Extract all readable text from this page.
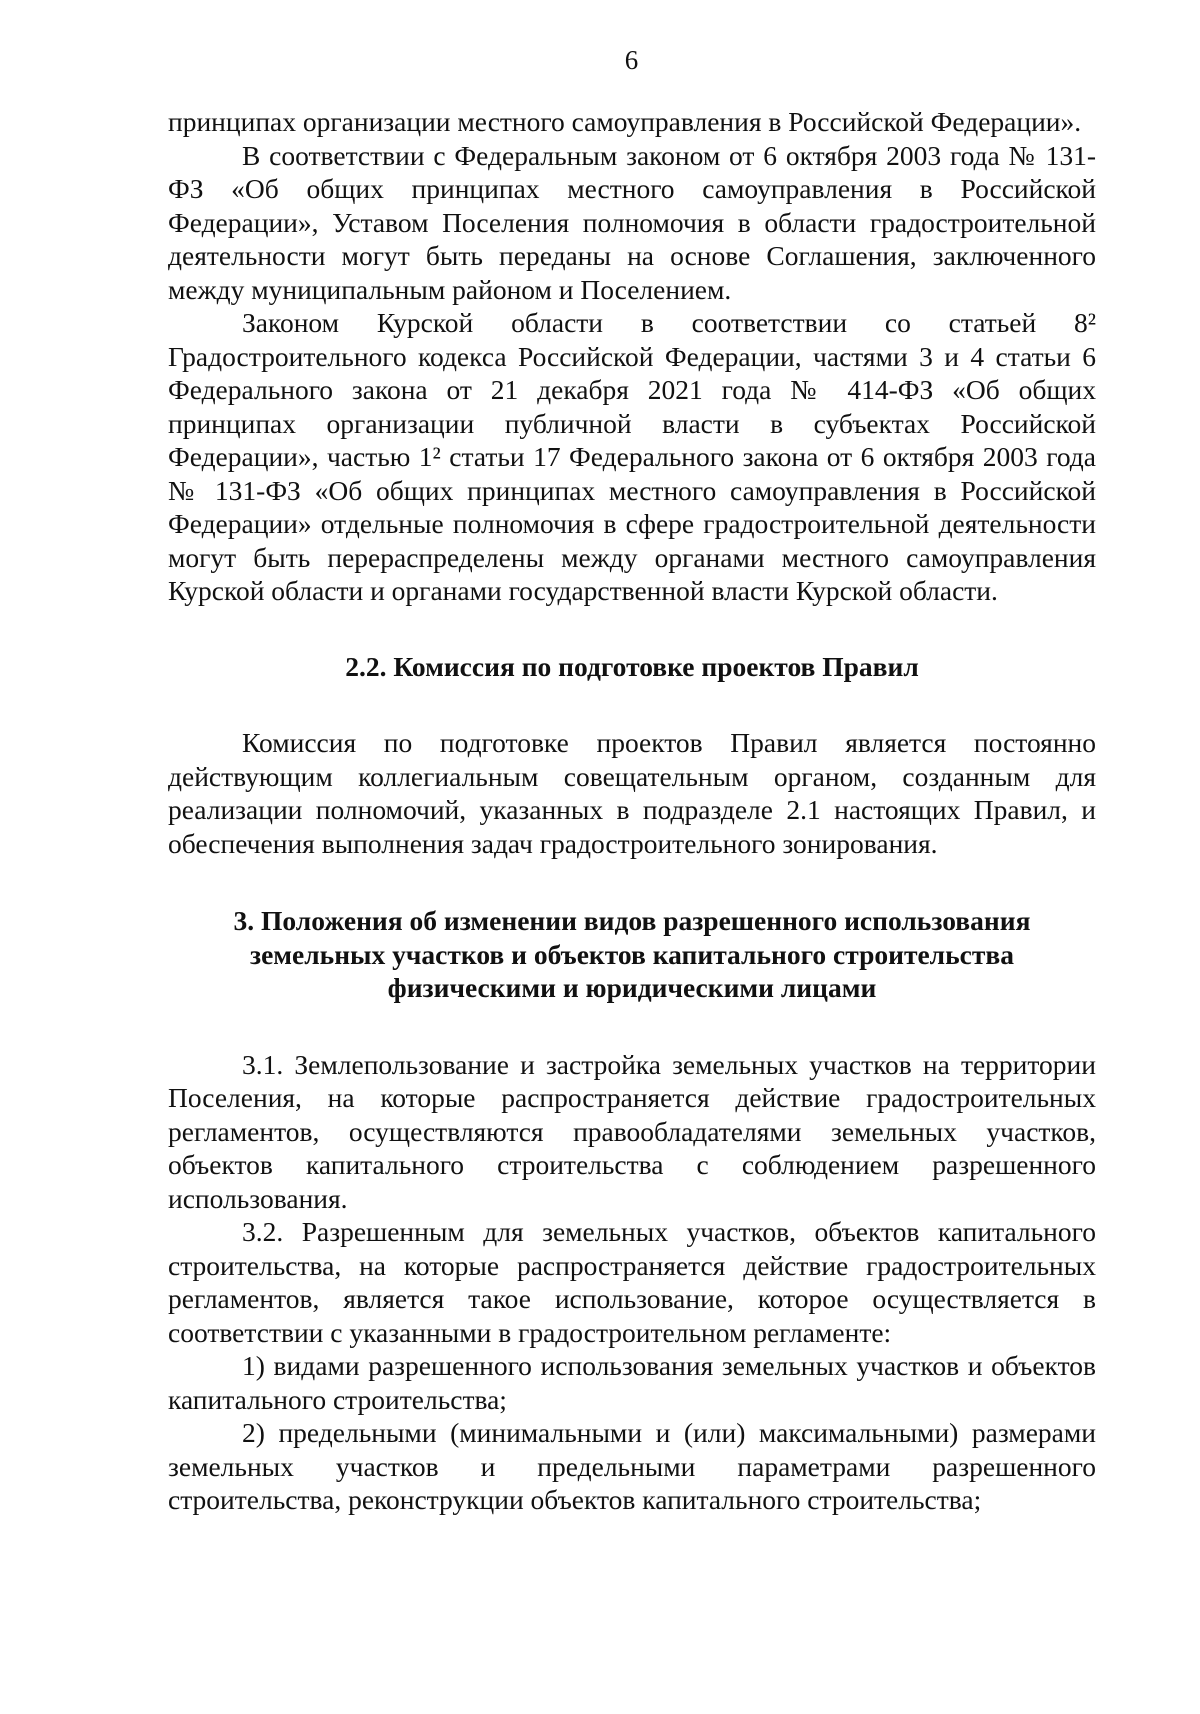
6

принципах организации местного самоуправления в Российской Федерации».

В соответствии с Федеральным законом от 6 октября 2003 года № 131-ФЗ «Об общих принципах местного самоуправления в Российской Федерации», Уставом Поселения полномочия в области градостроительной деятельности могут быть переданы на основе Соглашения, заключенного между муниципальным районом и Поселением.

Законом Курской области в соответствии со статьей 8² Градостроительного кодекса Российской Федерации, частями 3 и 4 статьи 6 Федерального закона от 21 декабря 2021 года № 414-ФЗ «Об общих принципах организации публичной власти в субъектах Российской Федерации», частью 1² статьи 17 Федерального закона от 6 октября 2003 года № 131-ФЗ «Об общих принципах местного самоуправления в Российской Федерации» отдельные полномочия в сфере градостроительной деятельности могут быть перераспределены между органами местного самоуправления Курской области и органами государственной власти Курской области.

2.2. Комиссия по подготовке проектов Правил

Комиссия по подготовке проектов Правил является постоянно действующим коллегиальным совещательным органом, созданным для реализации полномочий, указанных в подразделе 2.1 настоящих Правил, и обеспечения выполнения задач градостроительного зонирования.

3. Положения об изменении видов разрешенного использования
земельных участков и объектов капитального строительства
физическими и юридическими лицами

3.1. Землепользование и застройка земельных участков на территории Поселения, на которые распространяется действие градостроительных регламентов, осуществляются правообладателями земельных участков, объектов капитального строительства с соблюдением разрешенного использования.

3.2. Разрешенным для земельных участков, объектов капитального строительства, на которые распространяется действие градостроительных регламентов, является такое использование, которое осуществляется в соответствии с указанными в градостроительном регламенте:

1) видами разрешенного использования земельных участков и объектов капитального строительства;

2) предельными (минимальными и (или) максимальными) размерами земельных участков и предельными параметрами разрешенного строительства, реконструкции объектов капитального строительства;
